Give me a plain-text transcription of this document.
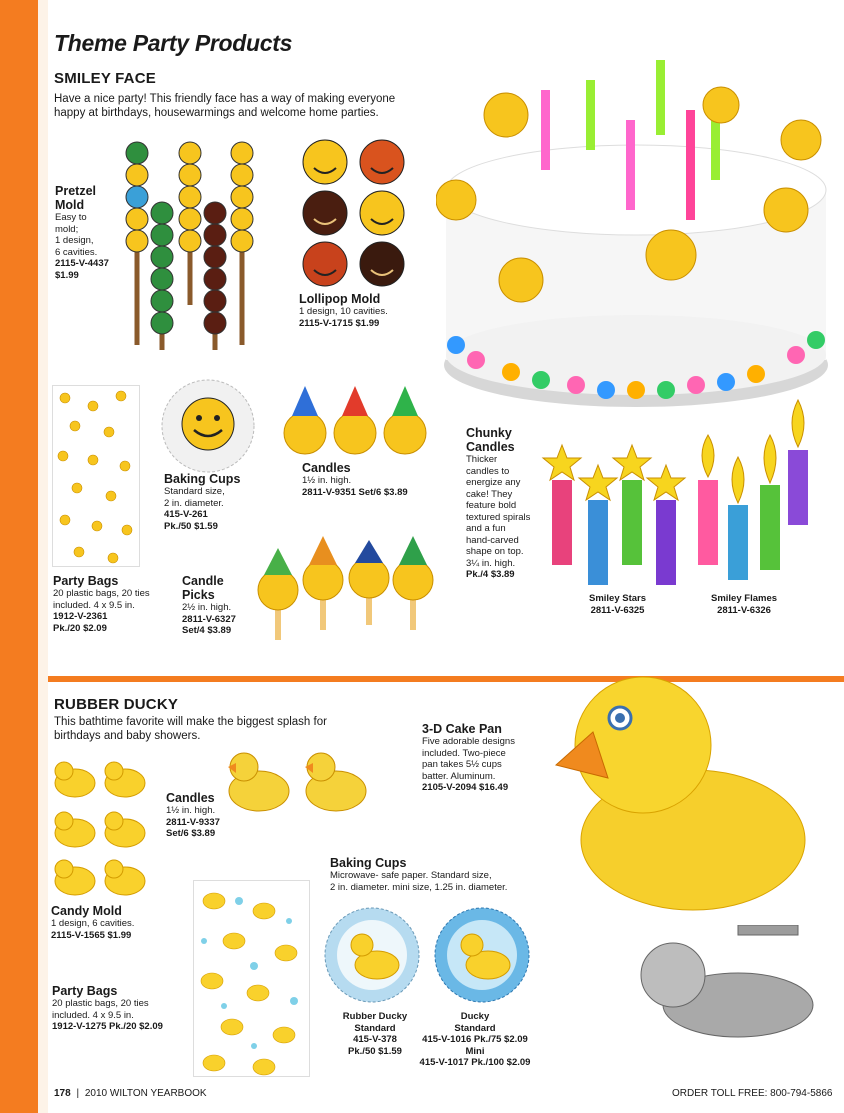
Theme Party Products
SMILEY FACE
Have a nice party! This friendly face has a way of making everyone
happy at birthdays, housewarmings and welcome home parties.
Pretzel
Mold
Easy to
mold;
1 design,
6 cavities.
2115-V-4437
$1.99
Lollipop Mold
1 design, 10 cavities.
2115-V-1715 $1.99
Party Bags
20 plastic bags, 20 ties
included. 4 x 9.5 in.
1912-V-2361
Pk./20 $2.09
Baking Cups
Standard size,
2 in. diameter.
415-V-261
Pk./50 $1.59
Candles
1½ in. high.
2811-V-9351 Set/6 $3.89
Candle
Picks
2½ in. high.
2811-V-6327
Set/4 $3.89
Chunky
Candles
Thicker
candles to
energize any
cake! They
feature bold
textured spirals
and a fun
hand-carved
shape on top.
3¼ in. high.
Pk./4 $3.89
Smiley Stars
2811-V-6325
Smiley Flames
2811-V-6326
RUBBER DUCKY
This bathtime favorite will make the biggest splash for
birthdays and baby showers.
Candy Mold
1 design, 6 cavities.
2115-V-1565 $1.99
Candles
1½ in. high.
2811-V-9337
Set/6 $3.89
3-D Cake Pan
Five adorable designs
included. Two-piece
pan takes 5½ cups
batter. Aluminum.
2105-V-2094 $16.49
Baking Cups
Microwave- safe paper. Standard size,
2 in. diameter. mini size, 1.25 in. diameter.
Party Bags
20 plastic bags, 20 ties
included. 4 x 9.5 in.
1912-V-1275 Pk./20 $2.09
Rubber Ducky
Standard
415-V-378
Pk./50 $1.59
Ducky
Standard
415-V-1016 Pk./75 $2.09
Mini
415-V-1017 Pk./100 $2.09
178 | 2010 WILTON YEARBOOK	ORDER TOLL FREE: 800-794-5866
